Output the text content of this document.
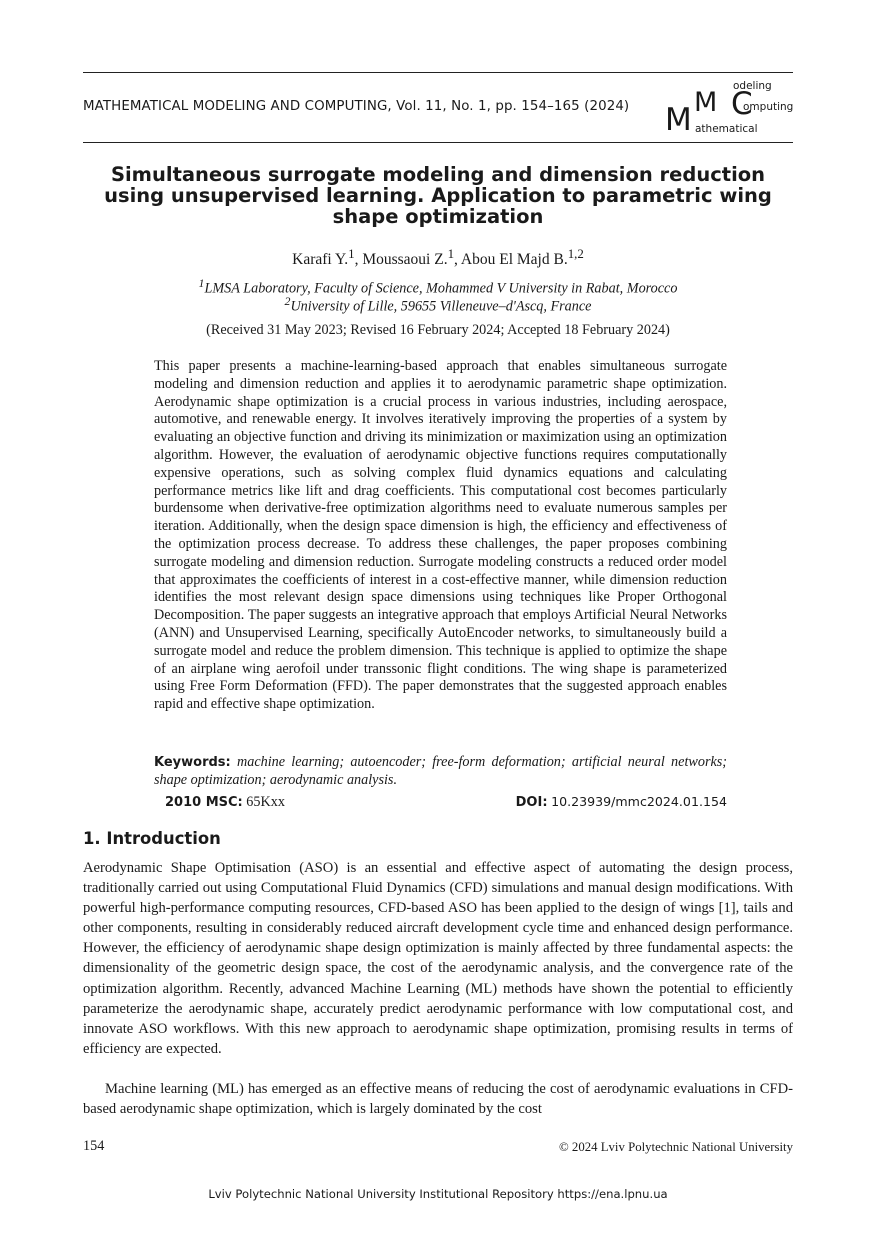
MATHEMATICAL MODELING AND COMPUTING, Vol. 11, No. 1, pp. 154–165 (2024) M M C
odeling
omputing
athematical
Simultaneous surrogate modeling and dimension reduction using unsupervised learning. Application to parametric wing shape optimization
Karafi Y.$^1$, Moussaoui Z.$^1$, Abou El Majd B.$^{1,2}$
$^1$LMSA Laboratory, Faculty of Science, Mohammed V University in Rabat, Morocco
$^2$University of Lille, 59655 Villeneuve–d'Ascq, France
(Received 31 May 2023; Revised 16 February 2024; Accepted 18 February 2024)
This paper presents a machine-learning-based approach that enables simultaneous surrogate modeling and dimension reduction and applies it to aerodynamic parametric shape optimization. Aerodynamic shape optimization is a crucial process in various industries, including aerospace, automotive, and renewable energy. It involves iteratively improving the properties of a system by evaluating an objective function and driving its minimization or maximization using an optimization algorithm. However, the evaluation of aerodynamic objective functions requires computationally expensive operations, such as solving complex fluid dynamics equations and calculating performance metrics like lift and drag coefficients. This computational cost becomes particularly burdensome when derivative-free optimization algorithms need to evaluate numerous samples per iteration. Additionally, when the design space dimension is high, the efficiency and effectiveness of the optimization process decrease. To address these challenges, the paper proposes combining surrogate modeling and dimension reduction. Surrogate modeling constructs a reduced order model that approximates the coefficients of interest in a cost-effective manner, while dimension reduction identifies the most relevant design space dimensions using techniques like Proper Orthogonal Decomposition. The paper suggests an integrative approach that employs Artificial Neural Networks (ANN) and Unsupervised Learning, specifically AutoEncoder networks, to simultaneously build a surrogate model and reduce the problem dimension. This technique is applied to optimize the shape of an airplane wing aerofoil under transsonic flight conditions. The wing shape is parameterized using Free Form Deformation (FFD). The paper demonstrates that the suggested approach enables rapid and effective shape optimization.
Keywords: machine learning; autoencoder; free-form deformation; artificial neural networks; shape optimization; aerodynamic analysis.
2010 MSC: 65Kxx	DOI: 10.23939/mmc2024.01.154
1. Introduction
Aerodynamic Shape Optimisation (ASO) is an essential and effective aspect of automating the design process, traditionally carried out using Computational Fluid Dynamics (CFD) simulations and manual design modifications. With powerful high-performance computing resources, CFD-based ASO has been applied to the design of wings [1], tails and other components, resulting in considerably reduced aircraft development cycle time and enhanced design performance. However, the efficiency of aerodynamic shape design optimization is mainly affected by three fundamental aspects: the dimensionality of the geometric design space, the cost of the aerodynamic analysis, and the convergence rate of the optimization algorithm. Recently, advanced Machine Learning (ML) methods have shown the potential to efficiently parameterize the aerodynamic shape, accurately predict aerodynamic performance with low computational cost, and innovate ASO workflows. With this new approach to aerodynamic shape optimization, promising results in terms of efficiency are expected.
Machine learning (ML) has emerged as an effective means of reducing the cost of aerodynamic evaluations in CFD-based aerodynamic shape optimization, which is largely dominated by the cost
154	© 2024 Lviv Polytechnic National University
Lviv Polytechnic National University Institutional Repository https://ena.lpnu.ua
